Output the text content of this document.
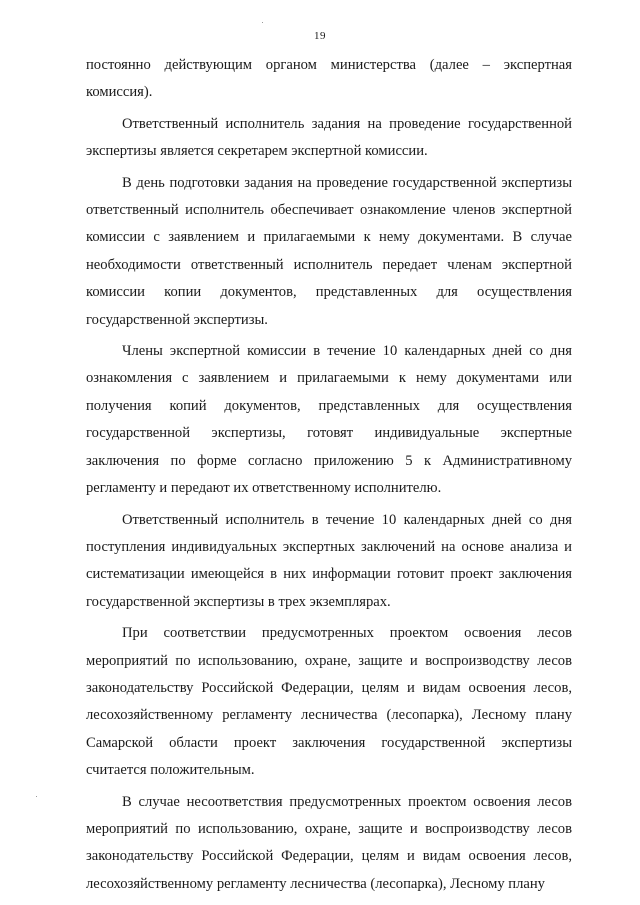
19

постоянно действующим органом министерства (далее – экспертная комиссия).

Ответственный исполнитель задания на проведение государственной экспертизы является секретарем экспертной комиссии.

В день подготовки задания на проведение государственной экспертизы ответственный исполнитель обеспечивает ознакомление членов экспертной комиссии с заявлением и прилагаемыми к нему документами. В случае необходимости ответственный исполнитель передает членам экспертной комиссии копии документов, представленных для осуществления государственной экспертизы.

Члены экспертной комиссии в течение 10 календарных дней со дня ознакомления с заявлением и прилагаемыми к нему документами или получения копий документов, представленных для осуществления государственной экспертизы, готовят индивидуальные экспертные заключения по форме согласно приложению 5 к Административному регламенту и передают их ответственному исполнителю.

Ответственный исполнитель в течение 10 календарных дней со дня поступления индивидуальных экспертных заключений на основе анализа и систематизации имеющейся в них информации готовит проект заключения государственной экспертизы в трех экземплярах.

При соответствии предусмотренных проектом освоения лесов мероприятий по использованию, охране, защите и воспроизводству лесов законодательству Российской Федерации, целям и видам освоения лесов, лесохозяйственному регламенту лесничества (лесопарка), Лесному плану Самарской области проект заключения государственной экспертизы считается положительным.

В случае несоответствия предусмотренных проектом освоения лесов мероприятий по использованию, охране, защите и воспроизводству лесов законодательству Российской Федерации, целям и видам освоения лесов, лесохозяйственному регламенту лесничества (лесопарка), Лесному плану
